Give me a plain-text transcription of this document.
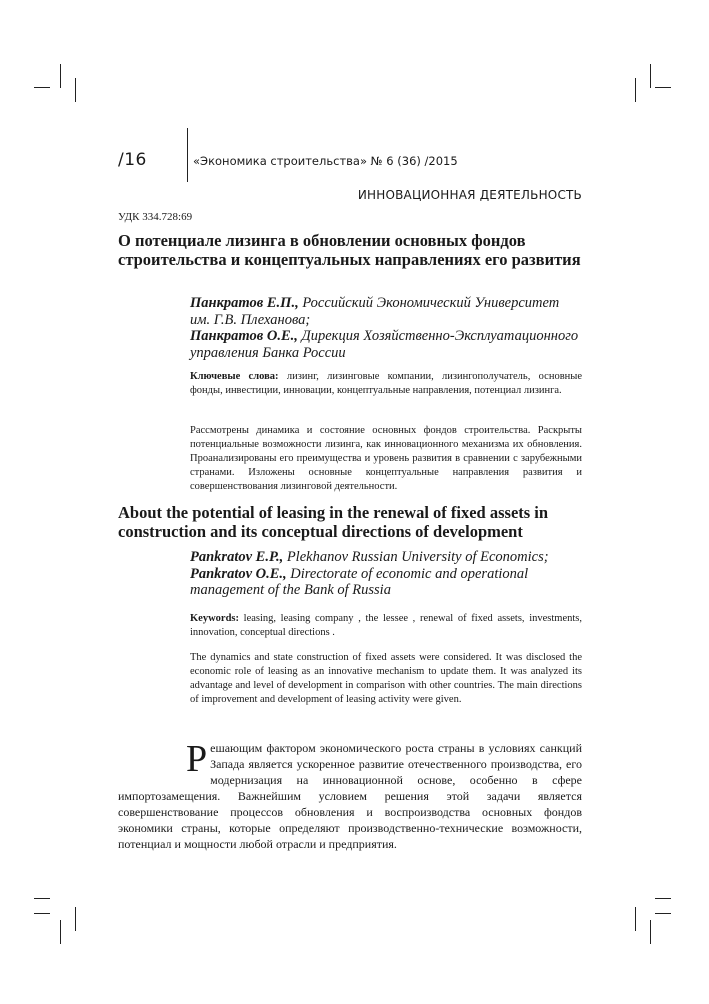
/16	«Экономика строительства» № 6 (36) /2015
ИННОВАЦИОННАЯ ДЕЯТЕЛЬНОСТЬ
УДК 334.728:69
О потенциале лизинга в обновлении основных фондов строительства и концептуальных направлениях его развития
Панкратов Е.П., Российский Экономический Университет им. Г.В. Плеханова;
Панкратов О.Е., Дирекция Хозяйственно-Эксплуатационного управления Банка России
Ключевые слова: лизинг, лизинговые компании, лизингополучатель, основные фонды, инвестиции, инновации, концептуальные направления, потенциал лизинга.
Рассмотрены динамика и состояние основных фондов строительства. Раскрыты потенциальные возможности лизинга, как инновационного механизма их обновления. Проанализированы его преимущества и уровень развития в сравнении с зарубежными странами. Изложены основные концептуальные направления развития и совершенствования лизинговой деятельности.
About the potential of leasing in the renewal of fixed assets in construction and its conceptual directions of development
Pankratov E.P., Plekhanov Russian University of Economics;
Pankratov O.E., Directorate of economic and operational management of the Bank of Russia
Keywords: leasing, leasing company , the lessee , renewal of fixed assets, investments, innovation, conceptual directions .
The dynamics and state construction of fixed assets were considered. It was disclosed the economic role of leasing as an innovative mechanism to update them. It was analyzed its advantage and level of development in comparison with other countries. The main directions of improvement and development of leasing activity were given.
Решающим фактором экономического роста страны в условиях санкций Запада является ускоренное развитие отечественного производства, его модернизация на инновационной основе, особенно в сфере импортозамещения. Важнейшим условием решения этой задачи является совершенствование процессов обновления и воспроизводства основных фондов экономики страны, которые определяют производственно-технические возможности, потенциал и мощности любой отрасли и предприятия.
